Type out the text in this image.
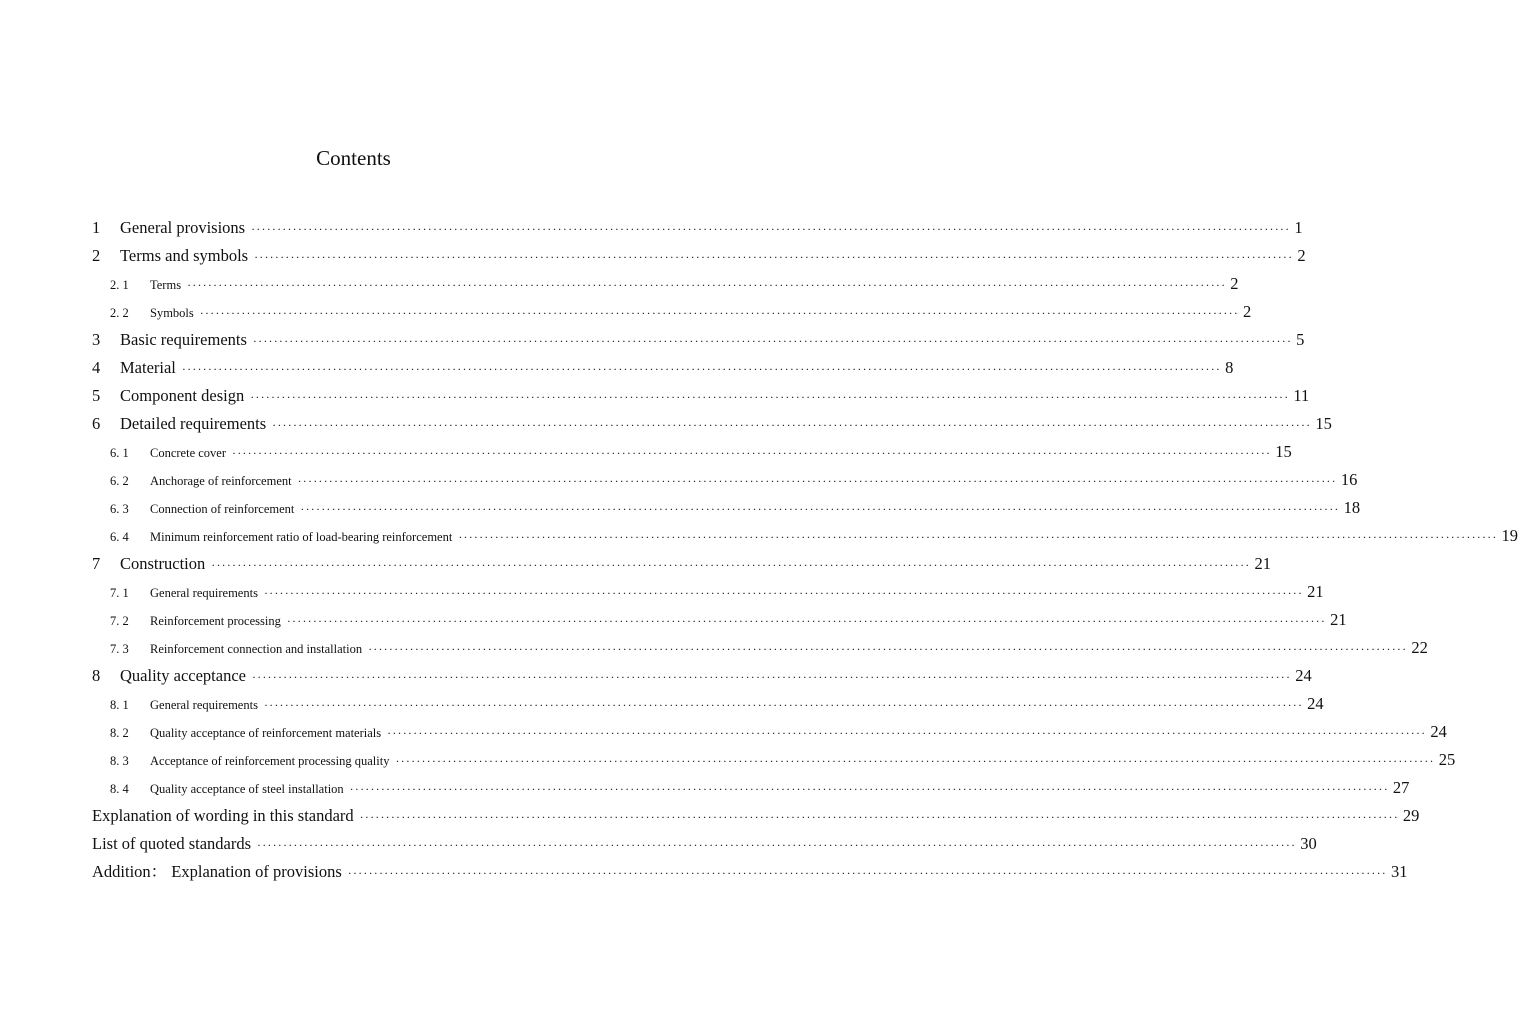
Contents
1	General provisions ········································································································································································································ 1
2	Terms and symbols ········································································································································································································ 2
2. 1	Terms ········································································································································································································ 2
2. 2	Symbols ········································································································································································································ 2
3	Basic requirements ········································································································································································································ 5
4	Material ········································································································································································································ 8
5	Component design ········································································································································································································ 11
6	Detailed requirements ········································································································································································································ 15
6. 1	Concrete cover ········································································································································································································ 15
6. 2	Anchorage of reinforcement ········································································································································································································ 16
6. 3	Connection of reinforcement ········································································································································································································ 18
6. 4	Minimum reinforcement ratio of load-bearing reinforcement ········································································································································································································ 19
7	Construction ········································································································································································································ 21
7. 1	General requirements ········································································································································································································ 21
7. 2	Reinforcement processing ········································································································································································································ 21
7. 3	Reinforcement connection and installation ········································································································································································································ 22
8	Quality acceptance ········································································································································································································ 24
8. 1	General requirements ········································································································································································································ 24
8. 2	Quality acceptance of reinforcement materials ········································································································································································································ 24
8. 3	Acceptance of reinforcement processing quality ········································································································································································································ 25
8. 4	Quality acceptance of steel installation ········································································································································································································ 27
Explanation of wording in this standard ········································································································································································································ 29
List of quoted standards ········································································································································································································ 30
Addition： Explanation of provisions ········································································································································································································ 31
